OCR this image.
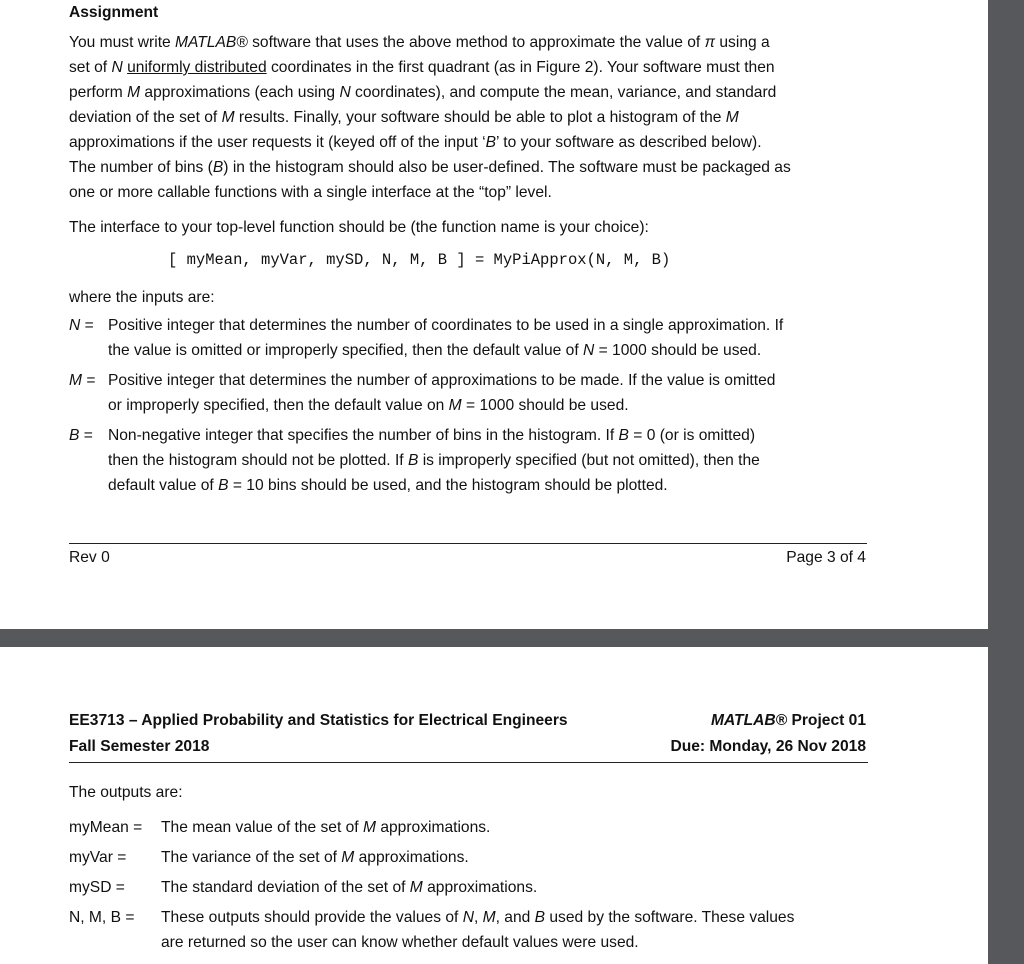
Assignment
You must write MATLAB® software that uses the above method to approximate the value of π using a
set of N uniformly distributed coordinates in the first quadrant (as in Figure 2). Your software must then
perform M approximations (each using N coordinates), and compute the mean, variance, and standard
deviation of the set of M results. Finally, your software should be able to plot a histogram of the M
approximations if the user requests it (keyed off of the input ‘B’ to your software as described below).
The number of bins (B) in the histogram should also be user-defined. The software must be packaged as
one or more callable functions with a single interface at the “top” level.
The interface to your top-level function should be (the function name is your choice):
[ myMean, myVar, mySD, N, M, B ] = MyPiApprox(N, M, B)
where the inputs are:
N = Positive integer that determines the number of coordinates to be used in a single approximation. If
the value is omitted or improperly specified, then the default value of N = 1000 should be used.
M = Positive integer that determines the number of approximations to be made. If the value is omitted
or improperly specified, then the default value on M = 1000 should be used.
B = Non-negative integer that specifies the number of bins in the histogram. If B = 0 (or is omitted)
then the histogram should not be plotted. If B is improperly specified (but not omitted), then the
default value of B = 10 bins should be used, and the histogram should be plotted.
Rev 0	Page 3 of 4
EE3713 – Applied Probability and Statistics for Electrical Engineers
Fall Semester 2018
MATLAB® Project 01
Due: Monday, 26 Nov 2018
The outputs are:
myMean = The mean value of the set of M approximations.
myVar = The variance of the set of M approximations.
mySD = The standard deviation of the set of M approximations.
N, M, B = These outputs should provide the values of N, M, and B used by the software. These values
are returned so the user can know whether default values were used.
